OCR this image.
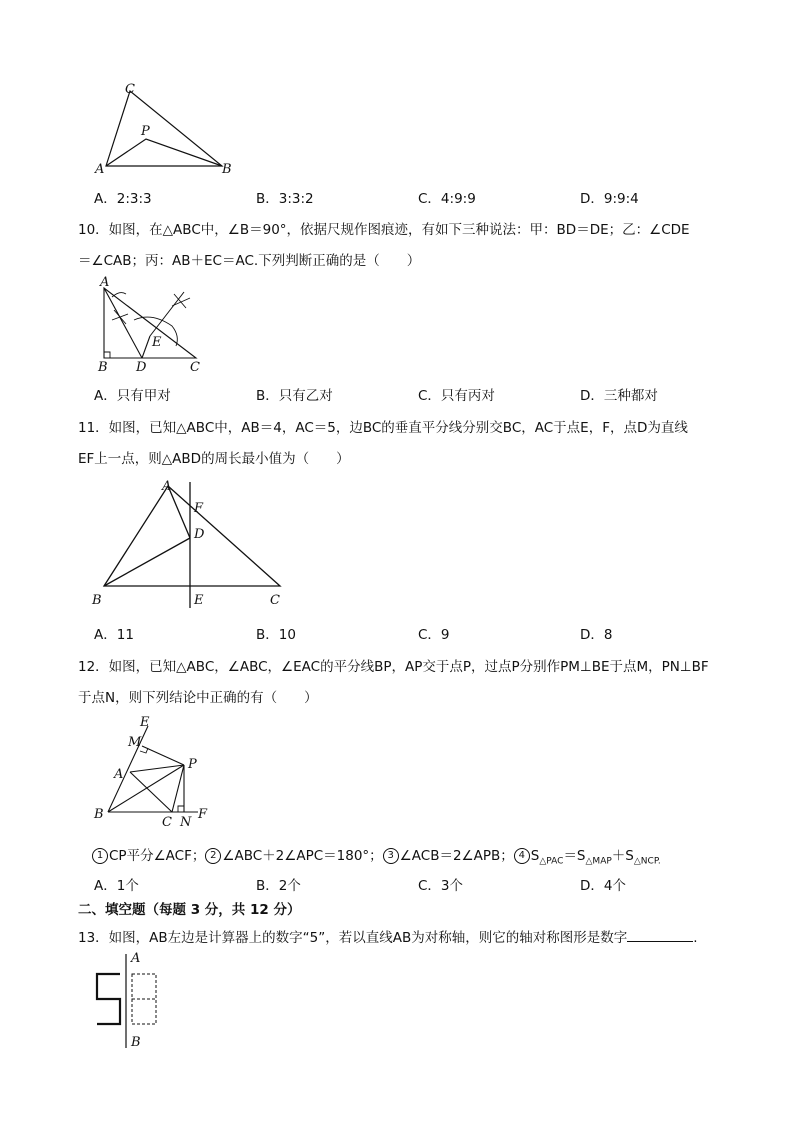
C
P
A	B
A．2:3:3	B．3:3:2	C．4:9:9	D．9:9:4
10．如图，在△ABC中，∠B＝90°，依据尺规作图痕迹，有如下三种说法：甲：BD＝DE；乙：∠CDE
＝∠CAB；丙：AB＋EC＝AC.下列判断正确的是（　　）
A
B D
E
C
A．只有甲对	B．只有乙对	C．只有丙对	D．三种都对
11．如图，已知△ABC中，AB＝4，AC＝5，边BC的垂直平分线分别交BC，AC于点E，F，点D为直线
EF上一点，则△ABD的周长最小值为（　　）
A
F
D
B	E	C
A．11	B．10	C．9	D．8
12．如图，已知△ABC，∠ABC，∠EAC的平分线BP，AP交于点P，过点P分别作PM⊥BE于点M，PN⊥BF
于点N，则下列结论中正确的有（　　）
E
M
A
P
B
C N
F
1 CP平分∠ACF； 2 ∠ABC＋2∠APC＝180°； 3 ∠ACB＝2∠APB； 4 $S_{\triangle PAC}=S_{\triangle MAP}+S_{\triangle NCP.}$
A．1个	B．2个	C．3个	D．4个
二、填空题（每题 3 分，共 12 分）
13．如图，AB左边是计算器上的数字“5”，若以直线AB为对称轴，则它的轴对称图形是数字	.
A
B
